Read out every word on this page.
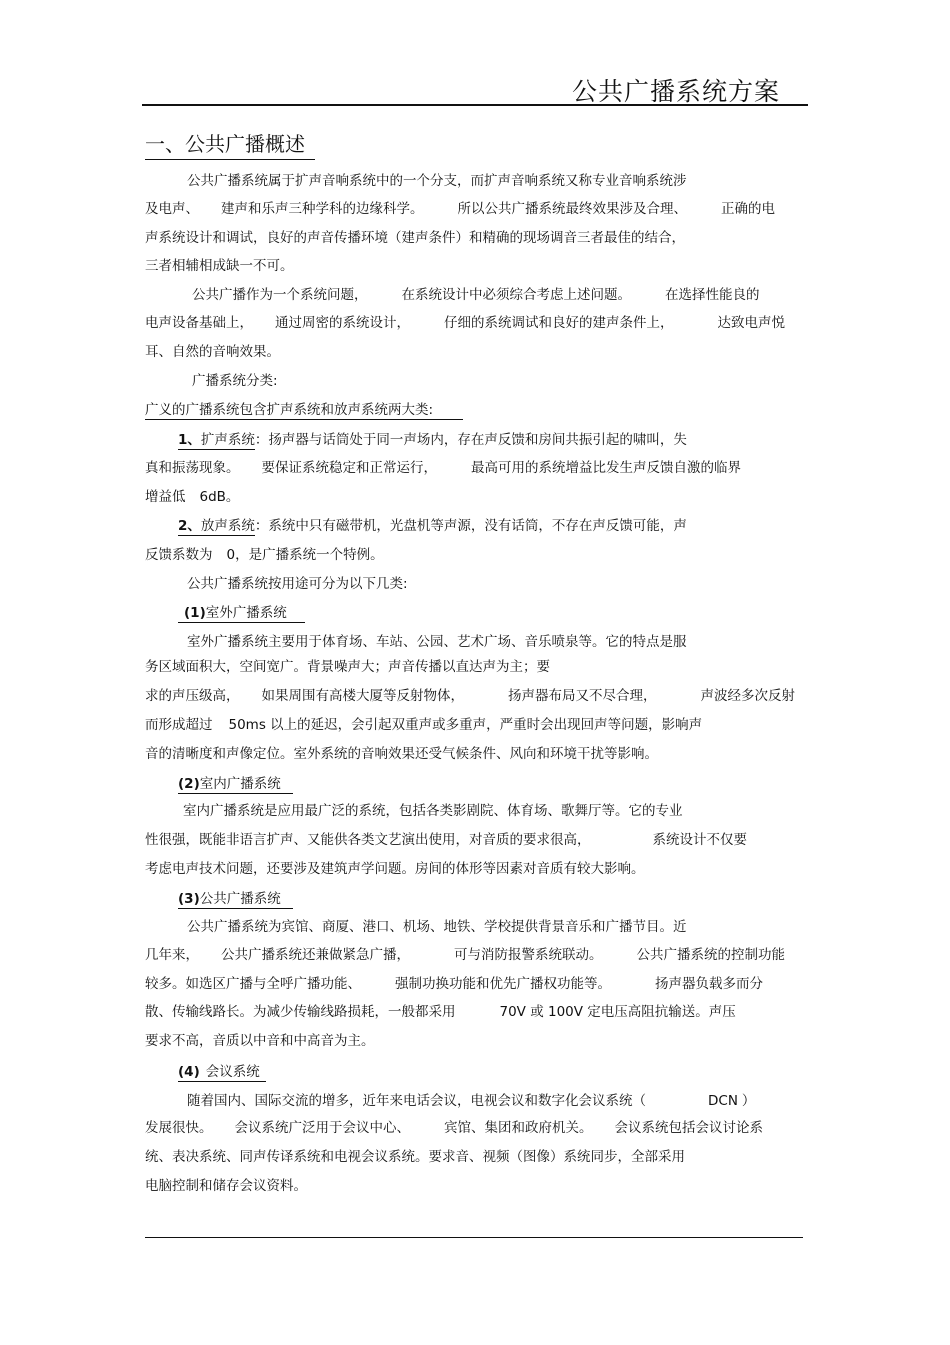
公共广播系统方案
一、公共广播概述
公共广播系统属于扩声音响系统中的一个分支，而扩声音响系统又称专业音响系统涉
及电声、 建声和乐声三种学科的边缘科学。	所以公共广播系统最终效果涉及合理、	正确的电
声系统设计和调试，良好的声音传播环境（建声条件）和精确的现场调音三者最佳的结合，
三者相辅相成缺一不可。
公共广播作为一个系统问题，	在系统设计中必须综合考虑上述问题。	在选择性能良的
电声设备基础上， 通过周密的系统设计，	仔细的系统调试和良好的建声条件上，	达致电声悦
耳、自然的音响效果。
广播系统分类:
广义的广播系统包含扩声系统和放声系统两大类:
1、扩声系统：扬声器与话筒处于同一声场内，存在声反馈和房间共振引起的啸叫，失
真和振荡现象。 要保证系统稳定和正常运行，	最高可用的系统增益比发生声反馈自激的临界
增益低 6dB。
2、放声系统：系统中只有磁带机，光盘机等声源，没有话筒，不存在声反馈可能，声
反馈系数为 0，是广播系统一个特例。
公共广播系统按用途可分为以下几类:
(1)室外广播系统
室外广播系统主要用于体育场、车站、公园、艺术广场、音乐喷泉等。它的特点是服
务区域面积大，空间宽广。背景噪声大；声音传播以直达声为主；要
求的声压级高， 如果周围有高楼大厦等反射物体，	扬声器布局又不尽合理，	声波经多次反射
而形成超过 50ms 以上的延迟，会引起双重声或多重声，严重时会出现回声等问题，影响声
音的清晰度和声像定位。室外系统的音响效果还受气候条件、风向和环境干扰等影响。
(2)室内广播系统
室内广播系统是应用最广泛的系统，包括各类影剧院、体育场、歌舞厅等。它的专业
性很强，既能非语言扩声、又能供各类文艺演出使用，对音质的要求很高，	系统设计不仅要
考虑电声技术问题，还要涉及建筑声学问题。房间的体形等因素对音质有较大影响。
(3)公共广播系统
公共广播系统为宾馆、商厦、港口、机场、地铁、学校提供背景音乐和广播节目。近
几年来， 公共广播系统还兼做紧急广播，	可与消防报警系统联动。	公共广播系统的控制功能
较多。如选区广播与全呼广播功能、	强制功换功能和优先广播权功能等。	扬声器负载多而分
散、传输线路长。为减少传输线路损耗，一般都采用	70V 或 100V 定电压高阻抗输送。声压
要求不高，音质以中音和中高音为主。
(4) 会议系统
随着国内、国际交流的增多，近年来电话会议，电视会议和数字化会议系统（	DCN ）
发展很快。 会议系统广泛用于会议中心、	宾馆、集团和政府机关。 会议系统包括会议讨论系
统、表决系统、同声传译系统和电视会议系统。要求音、视频（图像）系统同步，全部采用
电脑控制和储存会议资料。
